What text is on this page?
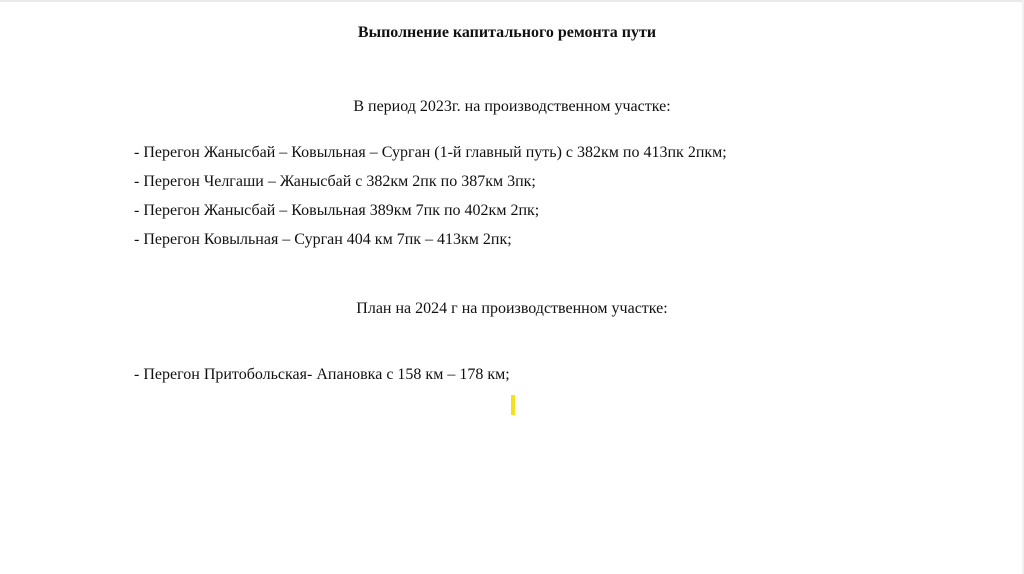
Выполнение капитального ремонта пути
В период 2023г. на производственном участке:
- Перегон Жанысбай – Ковыльная – Сурган (1-й главный путь) с 382км по 413пк 2пкм;
- Перегон Челгаши – Жанысбай с 382км 2пк по 387км 3пк;
- Перегон Жанысбай – Ковыльная 389км 7пк по 402км 2пк;
- Перегон Ковыльная – Сурган 404 км 7пк – 413км 2пк;
План на 2024 г на производственном участке:
- Перегон Притобольская- Апановка с 158 км – 178 км;
